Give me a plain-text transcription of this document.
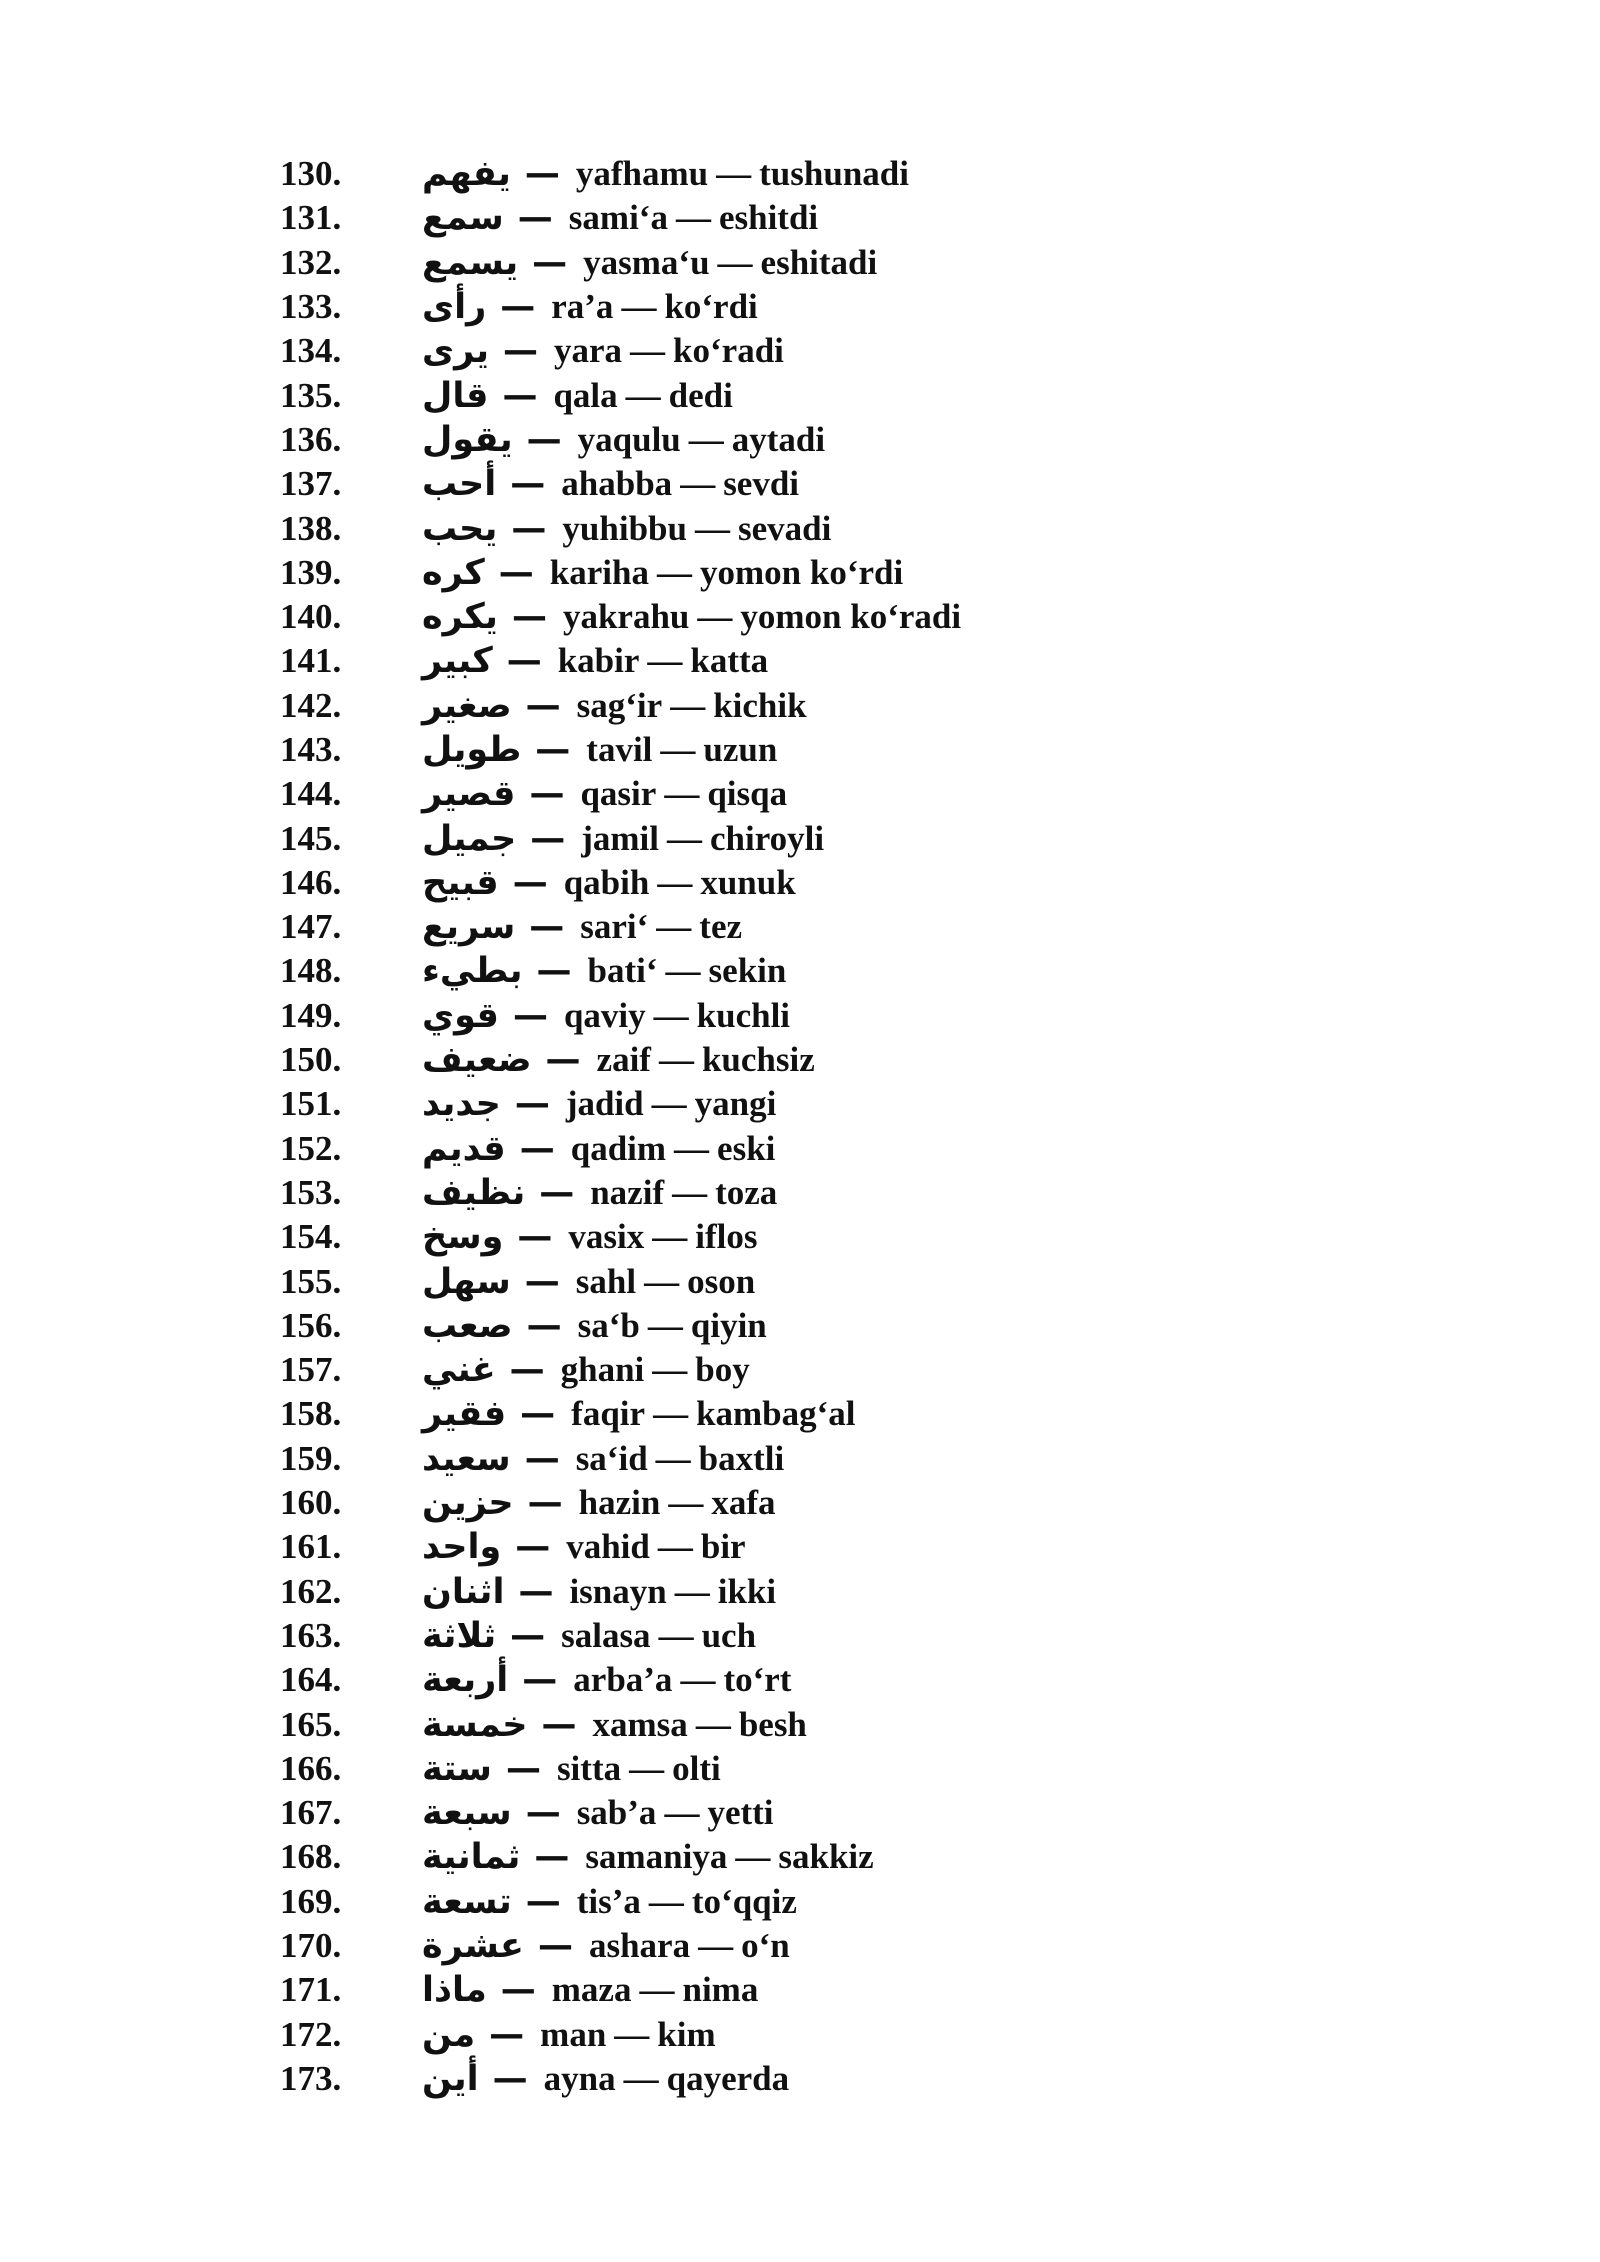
130.	يفهم — yafhamu — tushunadi
131.	سمع — sami‘a — eshitdi
132.	يسمع — yasma‘u — eshitadi
133.	رأى — ra’a — ko‘rdi
134.	يرى — yara — ko‘radi
135.	قال — qala — dedi
136.	يقول — yaqulu — aytadi
137.	أحب — ahabba — sevdi
138.	يحب — yuhibbu — sevadi
139.	كره — kariha — yomon ko‘rdi
140.	يكره — yakrahu — yomon ko‘radi
141.	كبير — kabir — katta
142.	صغير — sag‘ir — kichik
143.	طويل — tavil — uzun
144.	قصير — qasir — qisqa
145.	جميل — jamil — chiroyli
146.	قبيح — qabih — xunuk
147.	سريع — sari‘ — tez
148.	بطيء — bati‘ — sekin
149.	قوي — qaviy — kuchli
150.	ضعيف — zaif — kuchsiz
151.	جديد — jadid — yangi
152.	قديم — qadim — eski
153.	نظيف — nazif — toza
154.	وسخ — vasix — iflos
155.	سهل — sahl — oson
156.	صعب — sa‘b — qiyin
157.	غني — ghani — boy
158.	فقير — faqir — kambag‘al
159.	سعيد — sa‘id — baxtli
160.	حزين — hazin — xafa
161.	واحد — vahid — bir
162.	اثنان — isnayn — ikki
163.	ثلاثة — salasa — uch
164.	أربعة — arba’a — to‘rt
165.	خمسة — xamsa — besh
166.	ستة — sitta — olti
167.	سبعة — sab’a — yetti
168.	ثمانية — samaniya — sakkiz
169.	تسعة — tis’a — to‘qqiz
170.	عشرة — ashara — o‘n
171.	ماذا — maza — nima
172.	من — man — kim
173.	أين — ayna — qayerda
